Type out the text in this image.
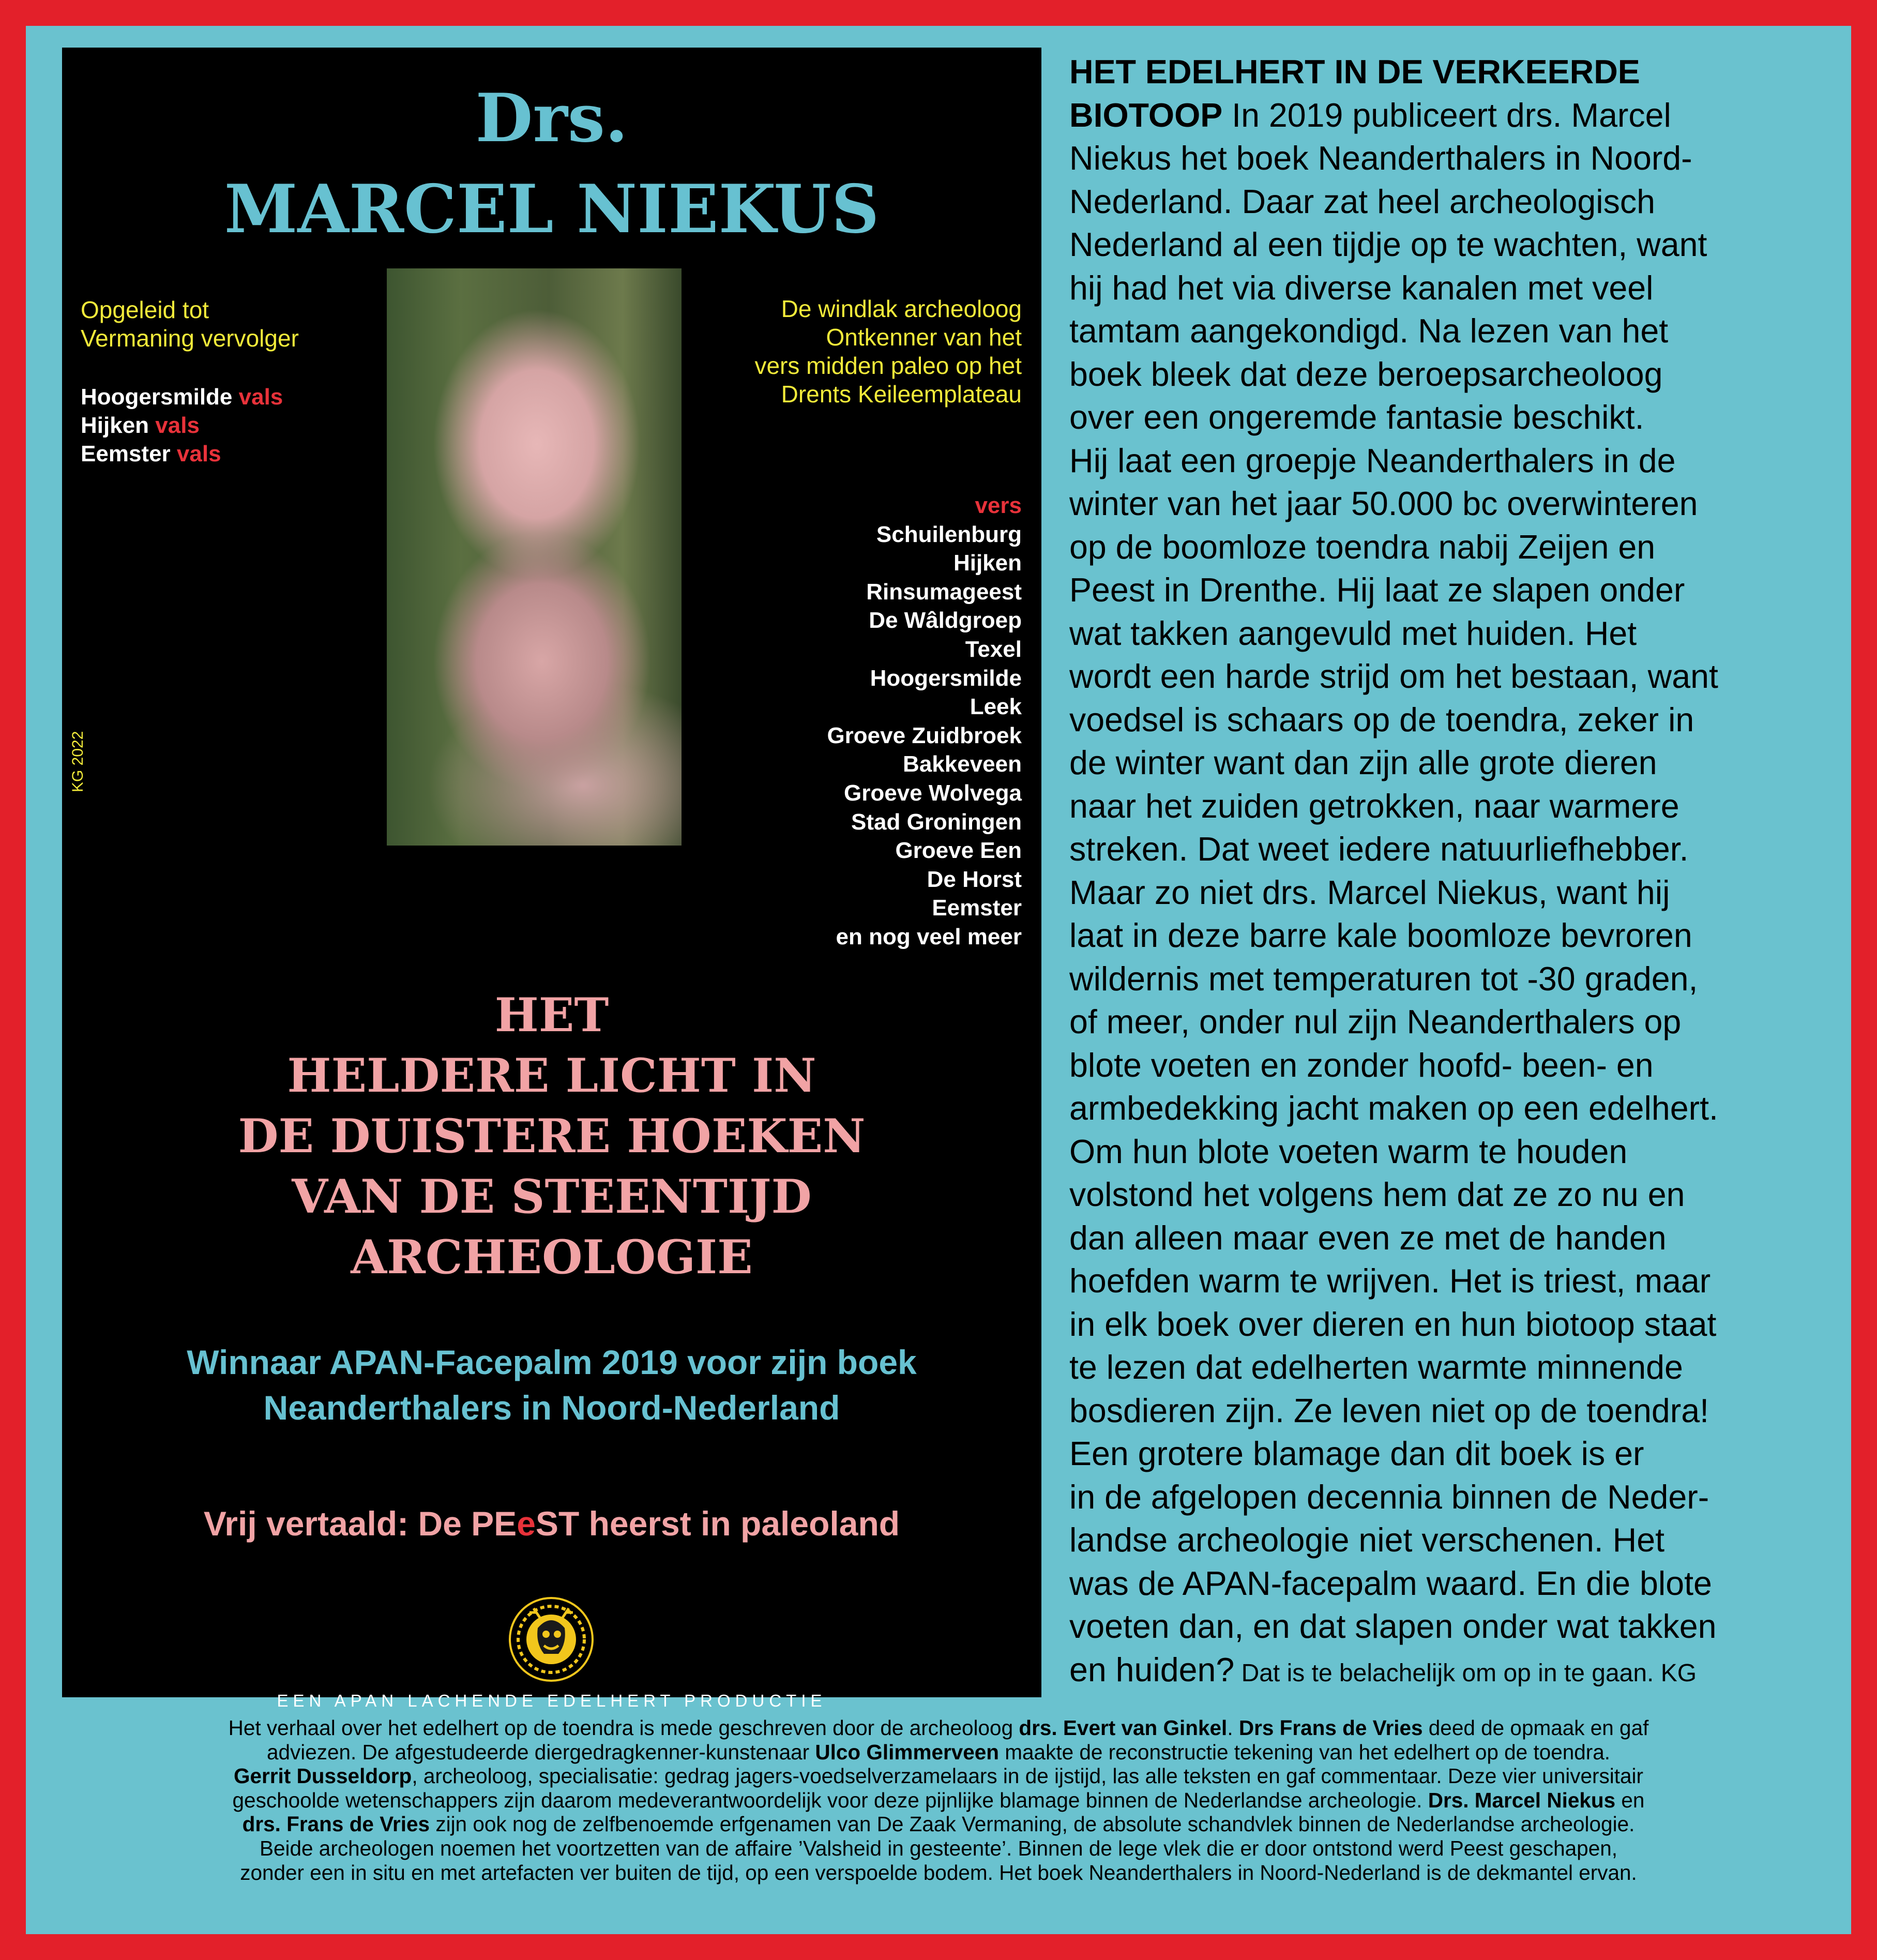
Drs.
MARCEL NIEKUS
Opgeleid tot
Vermaning vervolger
Hoogersmilde vals
Hijken vals
Eemster vals
De windlak archeoloog
Ontkenner van het
vers midden paleo op het
Drents Keileemplateau
vers
Schuilenburg
Hijken
Rinsumageest
De Wâldgroep
Texel
Hoogersmilde
Leek
Groeve Zuidbroek
Bakkeveen
Groeve Wolvega
Stad Groningen
Groeve Een
De Horst
Eemster
en nog veel meer
KG 2022
HET
HELDERE LICHT IN
DE DUISTERE HOEKEN
VAN DE STEENTIJD
ARCHEOLOGIE
Winnaar APAN-Facepalm 2019 voor zijn boek
Neanderthalers in Noord-Nederland
Vrij vertaald: De PEeST heerst in paleoland
EEN APAN LACHENDE EDELHERT PRODUCTIE
HET EDELHERT IN DE VERKEERDE
BIOTOOP In 2019 publiceert drs. Marcel
Niekus het boek Neanderthalers in Noord-
Nederland. Daar zat heel archeologisch
Nederland al een tijdje op te wachten, want
hij had het via diverse kanalen met veel
tamtam aangekondigd. Na lezen van het
boek bleek dat deze beroepsarcheoloog
over een ongeremde fantasie beschikt.
Hij laat een groepje Neanderthalers in de
winter van het jaar 50.000 bc overwinteren
op de boomloze toendra nabij Zeijen en
Peest in Drenthe. Hij laat ze slapen onder
wat takken aangevuld met huiden. Het
wordt een harde strijd om het bestaan, want
voedsel is schaars op de toendra, zeker in
de winter want dan zijn alle grote dieren
naar het zuiden getrokken, naar warmere
streken. Dat weet iedere natuurliefhebber.
Maar zo niet drs. Marcel Niekus, want hij
laat in deze barre kale boomloze bevroren
wildernis met temperaturen tot -30 graden,
of meer, onder nul zijn Neanderthalers op
blote voeten en zonder hoofd- been- en
armbedekking jacht maken op een edelhert.
Om hun blote voeten warm te houden
volstond het volgens hem dat ze zo nu en
dan alleen maar even ze met de handen
hoefden warm te wrijven. Het is triest, maar
in elk boek over dieren en hun biotoop staat
te lezen dat edelherten warmte minnende
bosdieren zijn. Ze leven niet op de toendra!
Een grotere blamage dan dit boek is er
in de afgelopen decennia binnen de Neder-
landse archeologie niet verschenen. Het
was de APAN-facepalm waard. En die blote
voeten dan, en dat slapen onder wat takken
en huiden? Dat is te belachelijk om op in te gaan. KG
Het verhaal over het edelhert op de toendra is mede geschreven door de archeoloog drs. Evert van Ginkel. Drs Frans de Vries deed de opmaak en gaf
adviezen. De afgestudeerde diergedragkenner-kunstenaar Ulco Glimmerveen maakte de reconstructie tekening van het edelhert op de toendra.
Gerrit Dusseldorp, archeoloog, specialisatie: gedrag jagers-voedselverzamelaars in de ijstijd, las alle teksten en gaf commentaar. Deze vier universitair
geschoolde wetenschappers zijn daarom medeverantwoordelijk voor deze pijnlijke blamage binnen de Nederlandse archeologie. Drs. Marcel Niekus en
drs. Frans de Vries zijn ook nog de zelfbenoemde erfgenamen van De Zaak Vermaning, de absolute schandvlek binnen de Nederlandse archeologie.
Beide archeologen noemen het voortzetten van de affaire ’Valsheid in gesteente’. Binnen de lege vlek die er door ontstond werd Peest geschapen,
zonder een in situ en met artefacten ver buiten de tijd, op een verspoelde bodem. Het boek Neanderthalers in Noord-Nederland is de dekmantel ervan.
